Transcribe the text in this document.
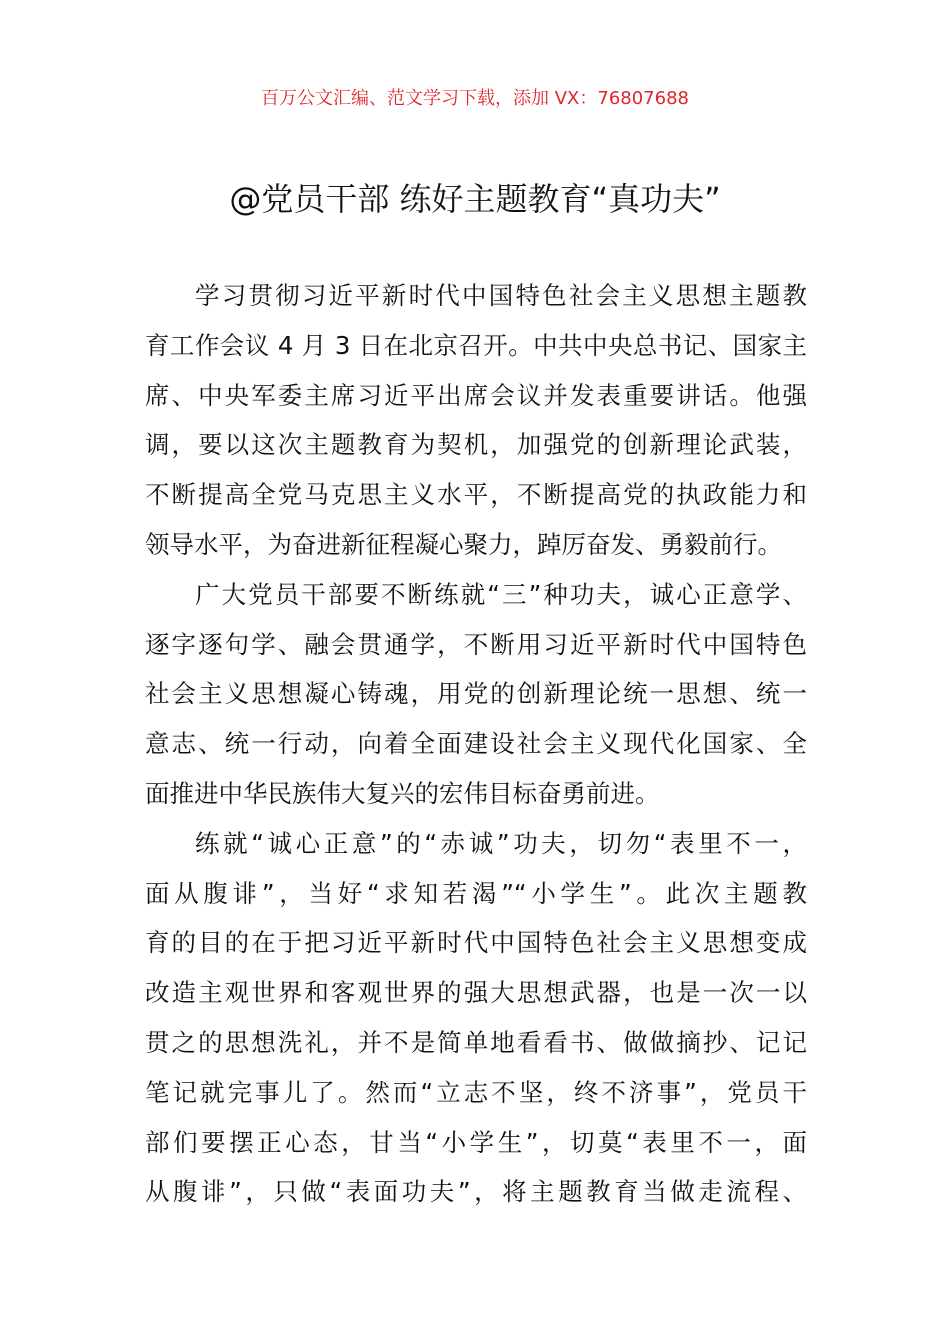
百万公文汇编、范文学习下载，添加 VX：76807688
@党员干部 练好主题教育“真功夫”
学习贯彻习近平新时代中国特色社会主义思想主题教
育工作会议 4 月 3 日在北京召开。中共中央总书记、国家主
席、中央军委主席习近平出席会议并发表重要讲话。他强
调，要以这次主题教育为契机，加强党的创新理论武装，
不断提高全党马克思主义水平，不断提高党的执政能力和
领导水平，为奋进新征程凝心聚力，踔厉奋发、勇毅前行。
广大党员干部要不断练就“三”种功夫，诚心正意学、
逐字逐句学、融会贯通学，不断用习近平新时代中国特色
社会主义思想凝心铸魂，用党的创新理论统一思想、统一
意志、统一行动，向着全面建设社会主义现代化国家、全
面推进中华民族伟大复兴的宏伟目标奋勇前进。
练就“诚心正意”的“赤诚”功夫，切勿“表里不一，
面从腹诽”，当好“求知若渴”“小学生”。此次主题教
育的目的在于把习近平新时代中国特色社会主义思想变成
改造主观世界和客观世界的强大思想武器，也是一次一以
贯之的思想洗礼，并不是简单地看看书、做做摘抄、记记
笔记就完事儿了。然而“立志不坚，终不济事”，党员干
部们要摆正心态，甘当“小学生”，切莫“表里不一，面
从腹诽”，只做“表面功夫”，将主题教育当做走流程、
